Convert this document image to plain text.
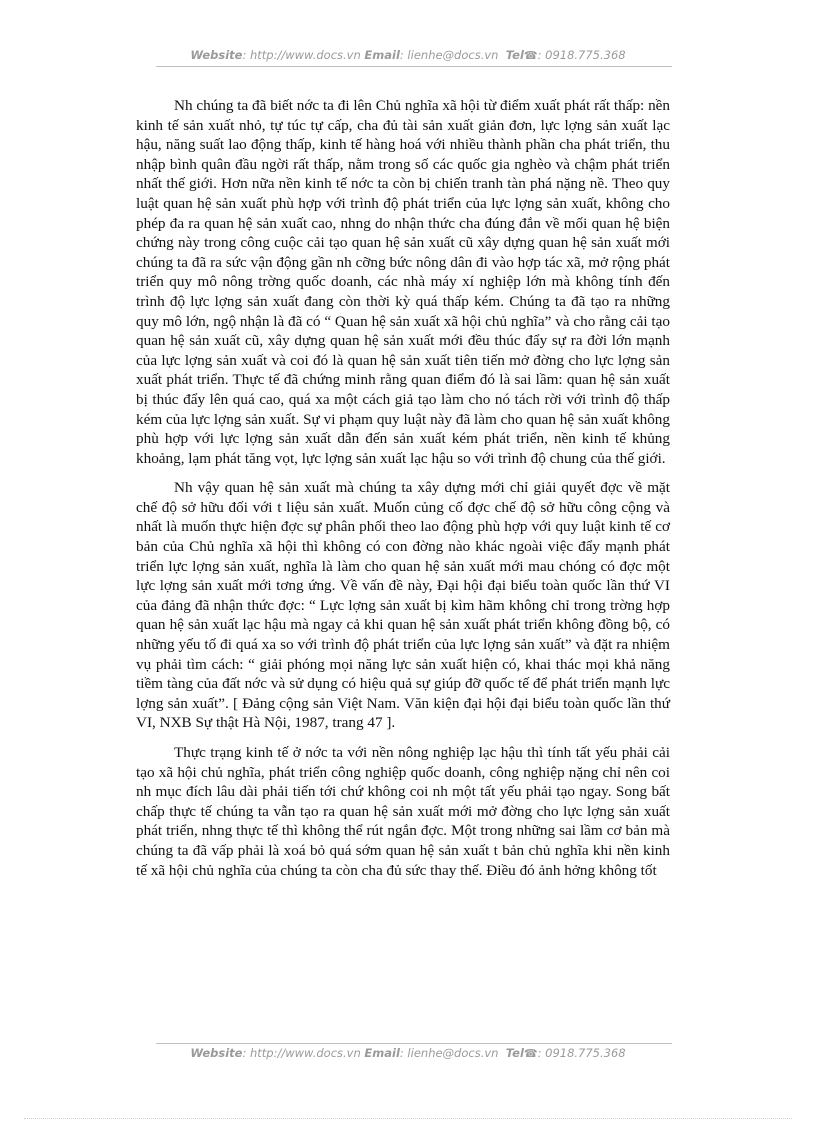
Website: http://www.docs.vn Email: lienhe@docs.vn Tel☎: 0918.775.368

Nh chúng ta đã biết nớc ta đi lên Chủ nghĩa xã hội từ điểm xuất phát rất thấp: nền kinh tế sản xuất nhỏ, tự túc tự cấp, cha đủ tài sản xuất giản đơn, lực lợng sản xuất lạc hậu, năng suất lao động thấp, kinh tế hàng hoá với nhiều thành phần cha phát triển, thu nhập bình quân đầu ngời rất thấp, nằm trong số các quốc gia nghèo và chậm phát triển nhất thế giới. Hơn nữa nền kinh tế nớc ta còn bị chiến tranh tàn phá nặng nề. Theo quy luật quan hệ sản xuất phù hợp với trình độ phát triển của lực lợng sản xuất, không cho phép đa ra quan hệ sản xuất cao, nhng do nhận thức cha đúng đắn về mối quan hệ biện chứng này trong công cuộc cải tạo quan hệ sản xuất cũ xây dựng quan hệ sản xuất mới chúng ta đã ra sức vận động gần nh cỡng bức nông dân đi vào hợp tác xã, mở rộng phát triển quy mô nông trờng quốc doanh, các nhà máy xí nghiệp lớn mà không tính đến trình độ lực lợng sản xuất đang còn thời kỳ quá thấp kém. Chúng ta đã tạo ra những quy mô lớn, ngộ nhận là đã có “ Quan hệ sản xuất xã hội chủ nghĩa” và cho rằng cải tạo quan hệ sản xuất cũ, xây dựng quan hệ sản xuất mới đều thúc đẩy sự ra đời lớn mạnh của lực lợng sản xuất và coi đó là quan hệ sản xuất tiên tiến mở đờng cho lực lợng sản xuất phát triển. Thực tế đã chứng minh rằng quan điểm đó là sai lầm: quan hệ sản xuất bị thúc đẩy lên quá cao, quá xa một cách giả tạo làm cho nó tách rời với trình độ thấp kém của lực lợng sản xuất. Sự vi phạm quy luật này đã làm cho quan hệ sản xuất không phù hợp với lực lợng sản xuất dẫn đến sản xuất kém phát triển, nền kinh tế khủng khoảng, lạm phát tăng vọt, lực lợng sản xuất lạc hậu so với trình độ chung của thế giới.

Nh vậy quan hệ sản xuất mà chúng ta xây dựng mới chỉ giải quyết đợc về mặt chế độ sở hữu đối với t liệu sản xuất. Muốn củng cố đợc chế độ sở hữu công cộng và nhất là muốn thực hiện đợc sự phân phối theo lao động phù hợp với quy luật kinh tế cơ bản của Chủ nghĩa xã hội thì không có con đờng nào khác ngoài việc đẩy mạnh phát triển lực lợng sản xuất, nghĩa là làm cho quan hệ sản xuất mới mau chóng có đợc một lực lợng sản xuất mới tơng ứng. Về vấn đề này, Đại hội đại biểu toàn quốc lần thứ VI của đảng đã nhận thức đợc: “ Lực lợng sản xuất bị kìm hãm không chỉ trong trờng hợp quan hệ sản xuất lạc hậu mà ngay cả khi quan hệ sản xuất phát triển không đồng bộ, có những yếu tố đi quá xa so với trình độ phát triển của lực lợng sản xuất” và đặt ra nhiệm vụ phải tìm cách: “ giải phóng mọi năng lực sản xuất hiện có, khai thác mọi khả năng tiềm tàng của đất nớc và sử dụng có hiệu quả sự giúp đỡ quốc tế để phát triển mạnh lực lợng sản xuất”. [ Đảng cộng sản Việt Nam. Văn kiện đại hội đại biểu toàn quốc lần thứ VI, NXB Sự thật Hà Nội, 1987, trang 47 ].

Thực trạng kinh tế ở nớc ta với nền nông nghiệp lạc hậu thì tính tất yếu phải cải tạo xã hội chủ nghĩa, phát triển công nghiệp quốc doanh, công nghiệp nặng chỉ nên coi nh mục đích lâu dài phải tiến tới chứ không coi nh một tất yếu phải tạo ngay. Song bất chấp thực tế chúng ta vẫn tạo ra quan hệ sản xuất mới mở đờng cho lực lợng sản xuất phát triển, nhng thực tế thì không thể rút ngắn đợc. Một trong những sai lầm cơ bản mà chúng ta đã vấp phải là xoá bỏ quá sớm quan hệ sản xuất t bản chủ nghĩa khi nền kinh tế xã hội chủ nghĩa của chúng ta còn cha đủ sức thay thế. Điều đó ảnh hởng không tốt

Website: http://www.docs.vn Email: lienhe@docs.vn Tel☎: 0918.775.368
